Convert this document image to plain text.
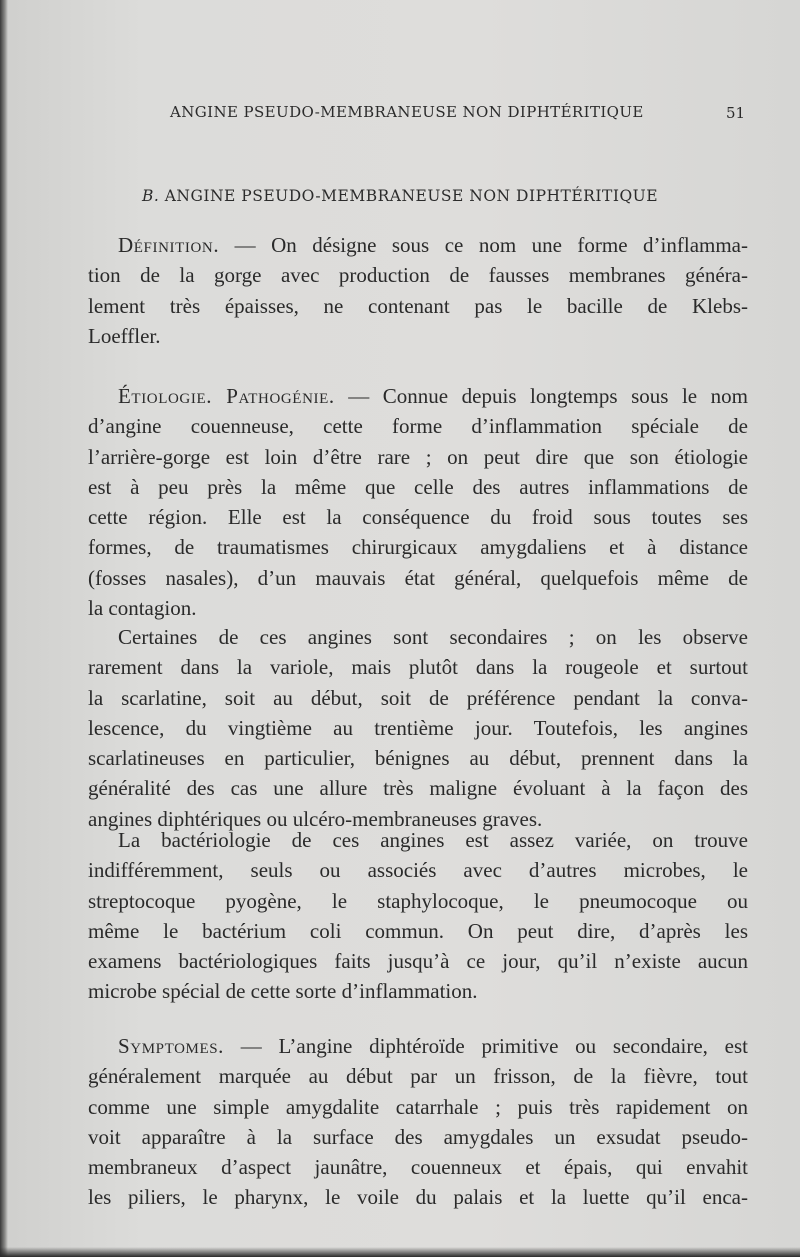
ANGINE PSEUDO-MEMBRANEUSE NON DIPHTÉRITIQUE	51
B. ANGINE PSEUDO-MEMBRANEUSE NON DIPHTÉRITIQUE
Définition. — On désigne sous ce nom une forme d’inflamma-
tion de la gorge avec production de fausses membranes généra-
lement très épaisses, ne contenant pas le bacille de Klebs-
Loeffler.
Étiologie. Pathogénie. — Connue depuis longtemps sous le nom
d’angine couenneuse, cette forme d’inflammation spéciale de
l’arrière-gorge est loin d’être rare ; on peut dire que son étiologie
est à peu près la même que celle des autres inflammations de
cette région. Elle est la conséquence du froid sous toutes ses
formes, de traumatismes chirurgicaux amygdaliens et à distance
(fosses nasales), d’un mauvais état général, quelquefois même de
la contagion.
Certaines de ces angines sont secondaires ; on les observe
rarement dans la variole, mais plutôt dans la rougeole et surtout
la scarlatine, soit au début, soit de préférence pendant la conva-
lescence, du vingtième au trentième jour. Toutefois, les angines
scarlatineuses en particulier, bénignes au début, prennent dans la
généralité des cas une allure très maligne évoluant à la façon des
angines diphtériques ou ulcéro-membraneuses graves.
La bactériologie de ces angines est assez variée, on trouve
indifféremment, seuls ou associés avec d’autres microbes, le
streptocoque pyogène, le staphylocoque, le pneumocoque ou
même le bactérium coli commun. On peut dire, d’après les
examens bactériologiques faits jusqu’à ce jour, qu’il n’existe aucun
microbe spécial de cette sorte d’inflammation.
Symptomes. — L’angine diphtéroïde primitive ou secondaire, est
généralement marquée au début par un frisson, de la fièvre, tout
comme une simple amygdalite catarrhale ; puis très rapidement on
voit apparaître à la surface des amygdales un exsudat pseudo-
membraneux d’aspect jaunâtre, couenneux et épais, qui envahit
les piliers, le pharynx, le voile du palais et la luette qu’il enca-
